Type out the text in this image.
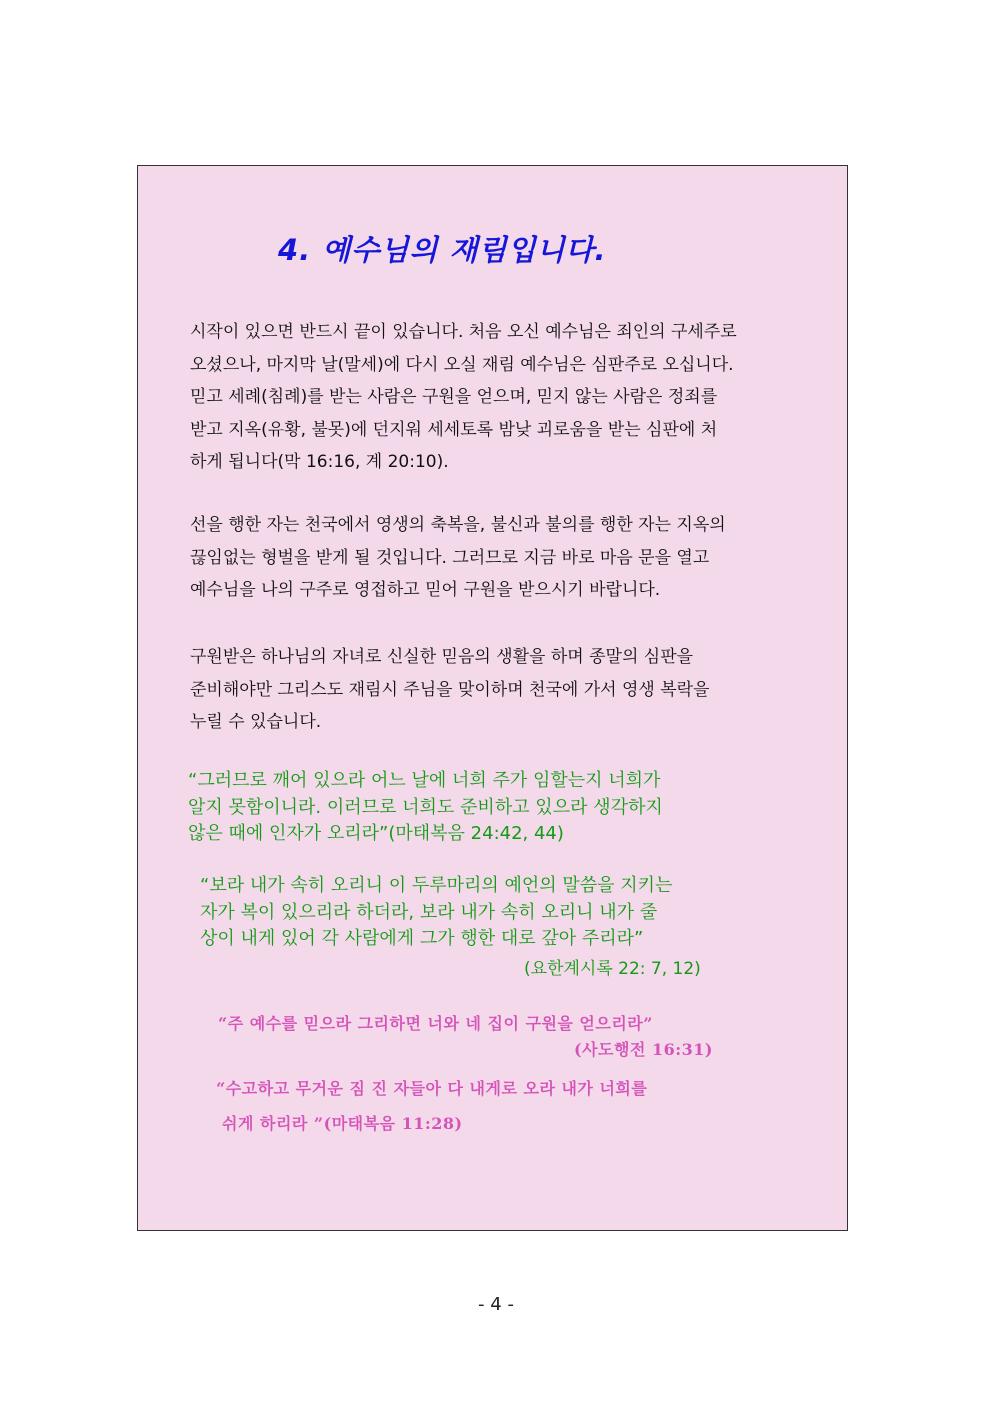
4. 예수님의 재림입니다.

시작이 있으면 반드시 끝이 있습니다. 처음 오신 예수님은 죄인의 구세주로
오셨으나, 마지막 날(말세)에 다시 오실 재림 예수님은 심판주로 오십니다.
믿고 세례(침례)를 받는 사람은 구원을 얻으며, 믿지 않는 사람은 정죄를
받고 지옥(유황, 불못)에 던지워 세세토록 밤낮 괴로움을 받는 심판에 처
하게 됩니다(막 16:16, 계 20:10).

선을 행한 자는 천국에서 영생의 축복을, 불신과 불의를 행한 자는 지옥의
끊임없는 형벌을 받게 될 것입니다. 그러므로 지금 바로 마음 문을 열고
예수님을 나의 구주로 영접하고 믿어 구원을 받으시기 바랍니다.

구원받은 하나님의 자녀로 신실한 믿음의 생활을 하며 종말의 심판을
준비해야만 그리스도 재림시 주님을 맞이하며 천국에 가서 영생 복락을
누릴 수 있습니다.

“그러므로 깨어 있으라 어느 날에 너희 주가 임할는지 너희가
알지 못함이니라. 이러므로 너희도 준비하고 있으라 생각하지
않은 때에 인자가 오리라”(마태복음 24:42, 44)

“보라 내가 속히 오리니 이 두루마리의 예언의 말씀을 지키는
자가 복이 있으리라 하더라, 보라 내가 속히 오리니 내가 줄
상이 내게 있어 각 사람에게 그가 행한 대로 갚아 주리라”

(요한계시록 22: 7, 12)
“주 예수를 믿으라 그리하면 너와 네 집이 구원을 얻으리라”
(사도행전 16:31)
“수고하고 무거운 짐 진 자들아 다 내게로 오라 내가 너희를
쉬게 하리라 ”(마태복음 11:28)
- 4 -
